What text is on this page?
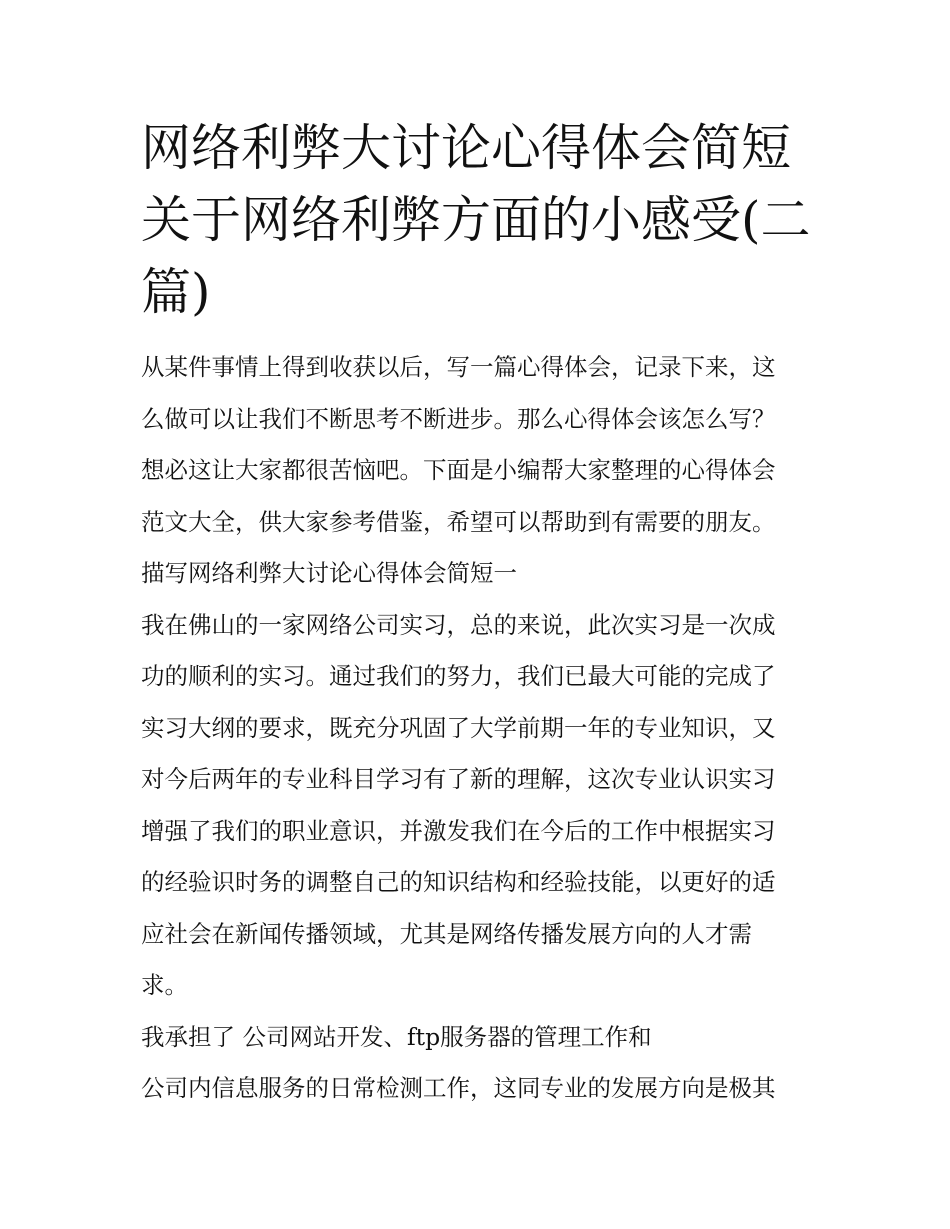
网络利弊大讨论心得体会简短关于网络利弊方面的小感受(二篇)

从某件事情上得到收获以后，写一篇心得体会，记录下来，这

么做可以让我们不断思考不断进步。那么心得体会该怎么写？

想必这让大家都很苦恼吧。下面是小编帮大家整理的心得体会

范文大全，供大家参考借鉴，希望可以帮助到有需要的朋友。

描写网络利弊大讨论心得体会简短一

我在佛山的一家网络公司实习，总的来说，此次实习是一次成

功的顺利的实习。通过我们的努力，我们已最大可能的完成了

实习大纲的要求，既充分巩固了大学前期一年的专业知识，又

对今后两年的专业科目学习有了新的理解，这次专业认识实习

增强了我们的职业意识，并激发我们在今后的工作中根据实习

的经验识时务的调整自己的知识结构和经验技能，以更好的适

应社会在新闻传播领域，尤其是网络传播发展方向的人才需

求。

我承担了 公司网站开发、ftp服务器的管理工作和

公司内信息服务的日常检测工作，这同专业的发展方向是极其
